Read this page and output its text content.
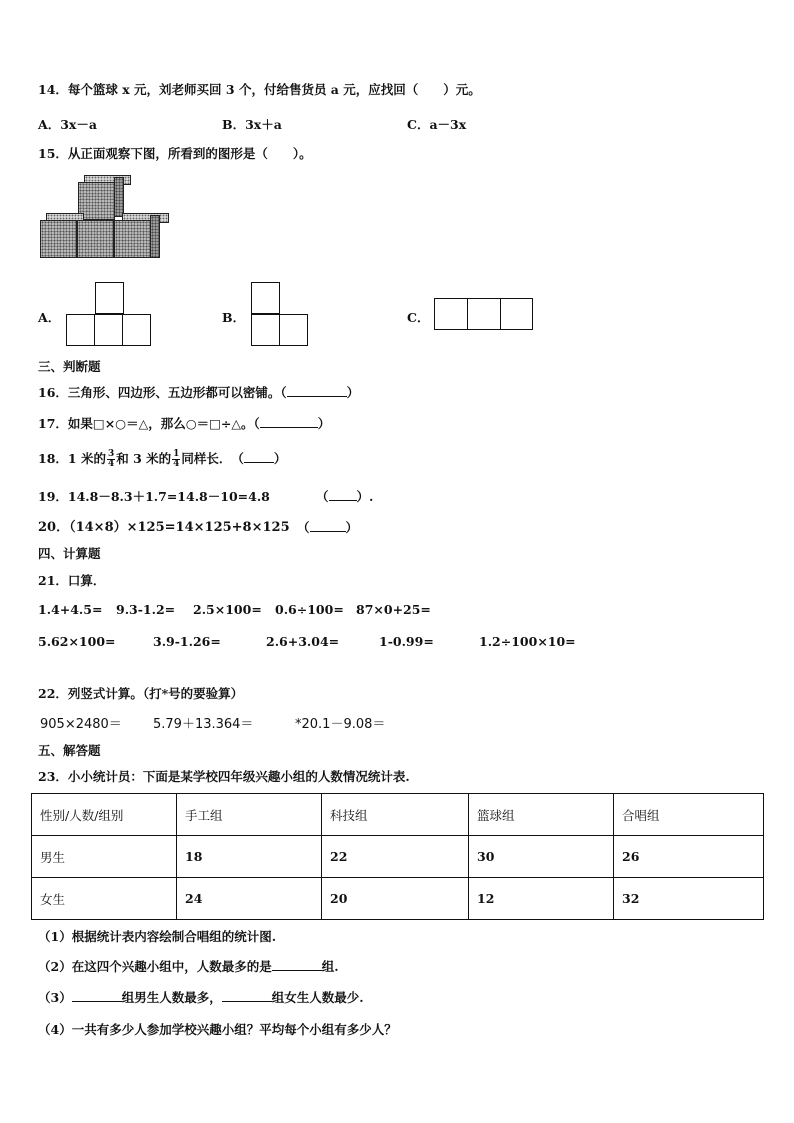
14．每个篮球 x 元，刘老师买回 3 个，付给售货员 a 元，应找回（　　）元。
A．3x－a	B．3x＋a	C．a－3x
15．从正面观察下图，所看到的图形是（　　）。
A．	B．	C．
三、判断题
16．三角形、四边形、五边形都可以密铺。（	）
17．如果□×○＝△，那么○＝□÷△。（	）
18．1 米的 $\frac{3}{4}$ 和 3 米的 $\frac{1}{4}$ 同样长．　（ ）
19．14.8－8.3＋1.7=14.8－10=4.8	（ ）.
20．（14×8）×125=14×125+8×125 （	）
四、计算题
21．口算．
1.4+4.5= 9.3-1.2= 2.5×100= 0.6÷100= 87×0+25=
5.62×100=	3.9-1.26=	2.6+3.04=	1-0.99=	1.2÷100×10=
22．列竖式计算。（打*号的要验算）
905×2480＝ 5.79＋13.364＝	*20.1－9.08＝
五、解答题
23．小小统计员：下面是某学校四年级兴趣小组的人数情况统计表.
性别/人数/组别	手工组	科技组	篮球组	合唱组
男生	18	22	30	26
女生	24	20	12	32
（1）根据统计表内容绘制合唱组的统计图.
（2）在这四个兴趣小组中，人数最多的是	组.
（3）	组男生人数最多，	组女生人数最少.
（4）一共有多少人参加学校兴趣小组？平均每个小组有多少人？
